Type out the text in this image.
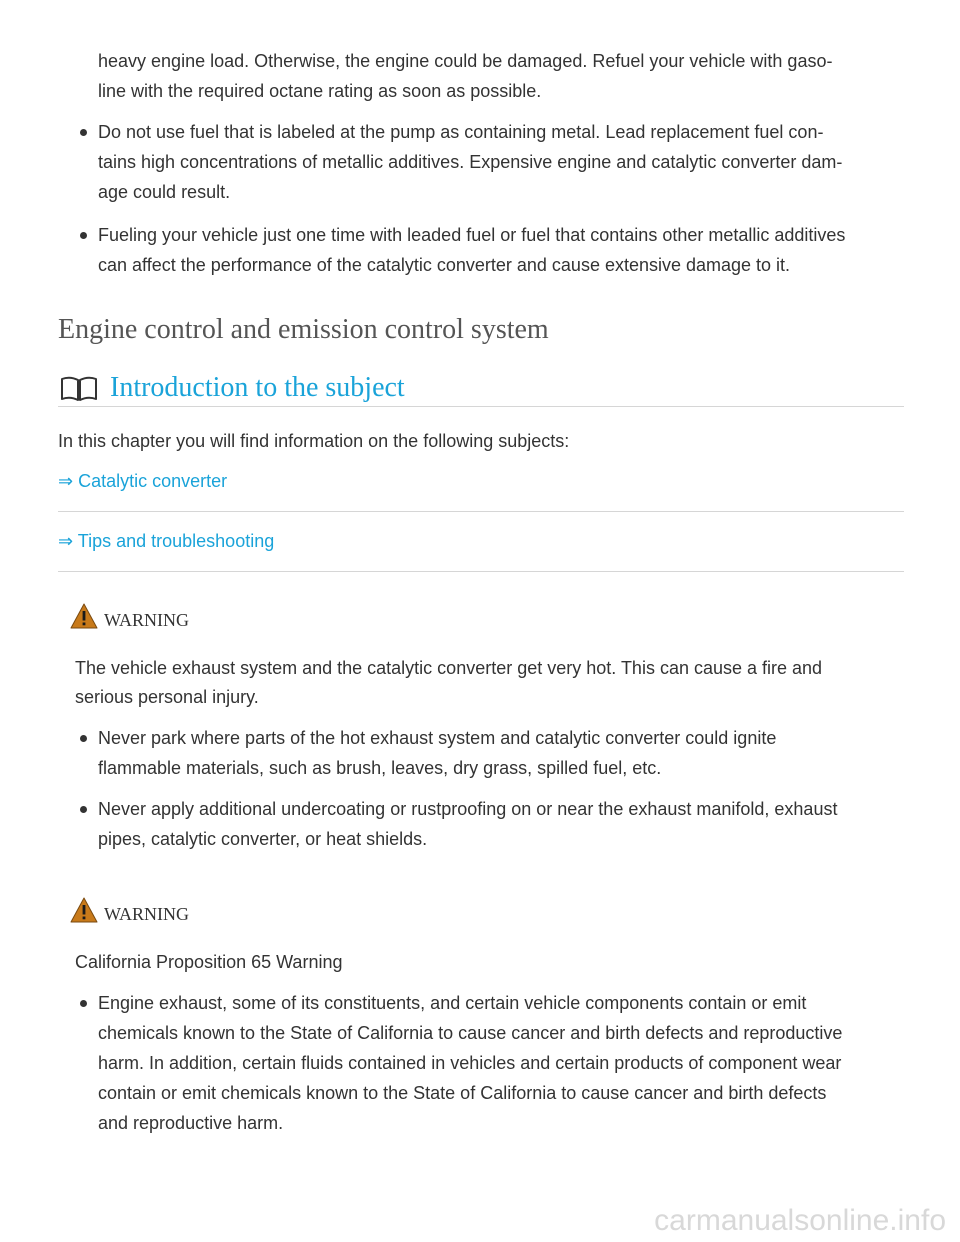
heavy engine load. Otherwise, the engine could be damaged. Refuel your vehicle with gaso-
line with the required octane rating as soon as possible.
Do not use fuel that is labeled at the pump as containing metal. Lead replacement fuel con-
tains high concentrations of metallic additives. Expensive engine and catalytic converter dam-
age could result.
Fueling your vehicle just one time with leaded fuel or fuel that contains other metallic additives
can affect the performance of the catalytic converter and cause extensive damage to it.
Engine control and emission control system
Introduction to the subject
In this chapter you will find information on the following subjects:
⇒ Catalytic converter
⇒ Tips and troubleshooting
WARNING
The vehicle exhaust system and the catalytic converter get very hot. This can cause a fire and
serious personal injury.
Never park where parts of the hot exhaust system and catalytic converter could ignite
flammable materials, such as brush, leaves, dry grass, spilled fuel, etc.
Never apply additional undercoating or rustproofing on or near the exhaust manifold, exhaust
pipes, catalytic converter, or heat shields.
WARNING
California Proposition 65 Warning
Engine exhaust, some of its constituents, and certain vehicle components contain or emit
chemicals known to the State of California to cause cancer and birth defects and reproductive
harm. In addition, certain fluids contained in vehicles and certain products of component wear
contain or emit chemicals known to the State of California to cause cancer and birth defects
and reproductive harm.
carmanualsonline.info
